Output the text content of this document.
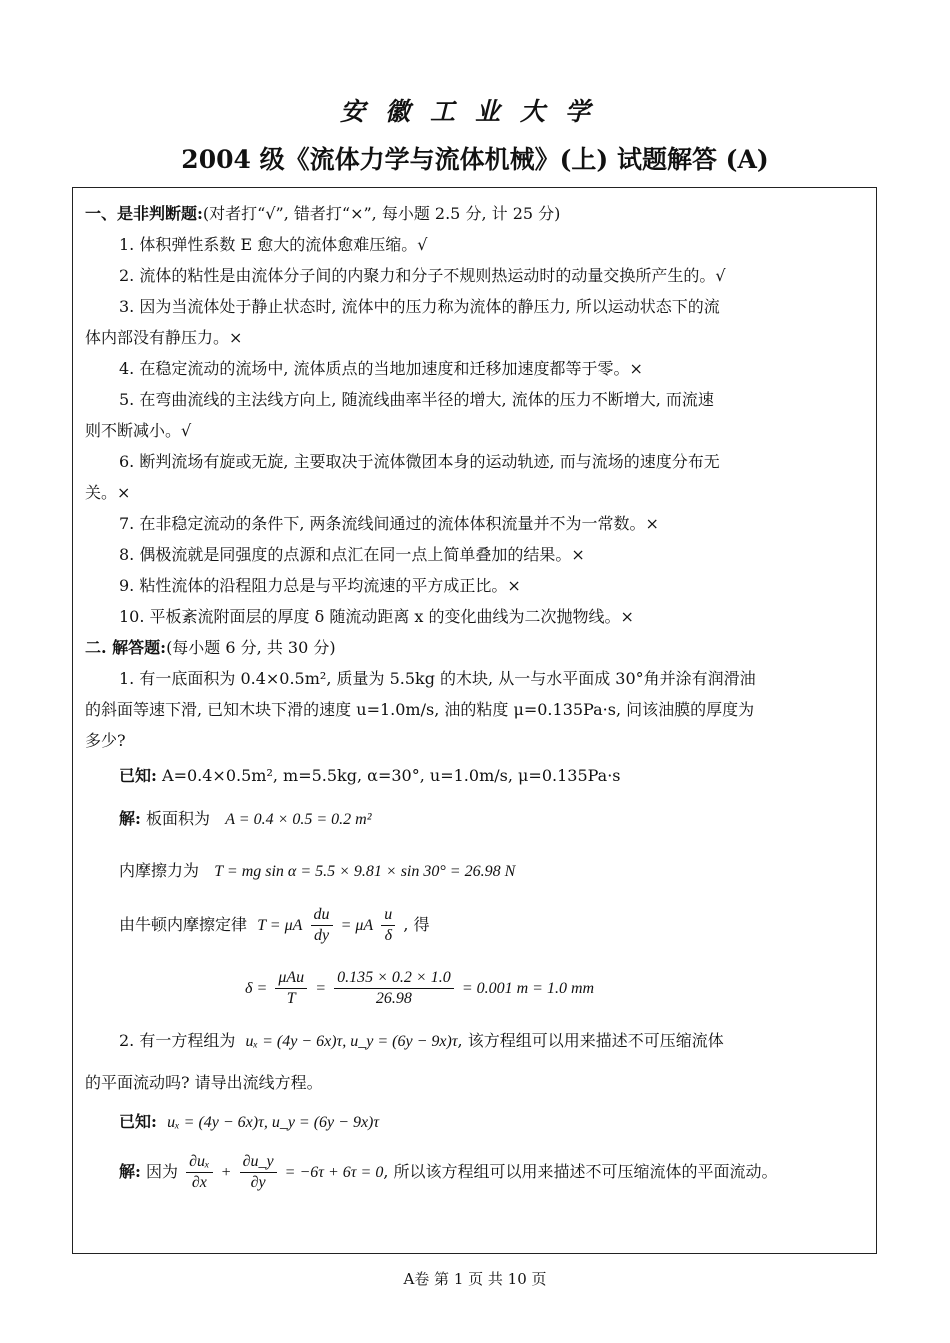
安徽工业大学
2004 级《流体力学与流体机械》(上) 试题解答 (A)
一、是非判断题:(对者打“√”, 错者打“×”, 每小题 2.5 分, 计 25 分)
1. 体积弹性系数 E 愈大的流体愈难压缩。√
2. 流体的粘性是由流体分子间的内聚力和分子不规则热运动时的动量交换所产生的。√
3. 因为当流体处于静止状态时, 流体中的压力称为流体的静压力, 所以运动状态下的流
体内部没有静压力。×
4. 在稳定流动的流场中, 流体质点的当地加速度和迁移加速度都等于零。×
5. 在弯曲流线的主法线方向上, 随流线曲率半径的增大, 流体的压力不断增大, 而流速
则不断减小。√
6. 断判流场有旋或无旋, 主要取决于流体微团本身的运动轨迹, 而与流场的速度分布无
关。×
7. 在非稳定流动的条件下, 两条流线间通过的流体体积流量并不为一常数。×
8. 偶极流就是同强度的点源和点汇在同一点上简单叠加的结果。×
9. 粘性流体的沿程阻力总是与平均流速的平方成正比。×
10. 平板紊流附面层的厚度 δ 随流动距离 x 的变化曲线为二次抛物线。×
二. 解答题:(每小题 6 分, 共 30 分)
1. 有一底面积为 0.4×0.5m², 质量为 5.5kg 的木块, 从一与水平面成 30°角并涂有润滑油
的斜面等速下滑, 已知木块下滑的速度 u=1.0m/s, 油的粘度 μ=0.135Pa·s, 问该油膜的厚度为
多少?
已知: A=0.4×0.5m², m=5.5kg, α=30°, u=1.0m/s, μ=0.135Pa·s
解: 板面积为 A = 0.4 × 0.5 = 0.2 m²
内摩擦力为 T = mg sin α = 5.5 × 9.81 × sin 30° = 26.98 N
由牛顿内摩擦定律 T = μA $\frac{du}{dy} = \mu A \frac{u}{\delta}$ , 得
δ =
μAu
T
= $\frac{0.135 \times 0.2 \times 1.0}{26.98} = 0.001$ m = 1.0 mm
2. 有一方程组为 uₓ = (4y − 6x)τ, u_y = (6y − 9x)τ, 该方程组可以用来描述不可压缩流体
的平面流动吗? 请导出流线方程。
已知: uₓ = (4y − 6x)τ, u_y = (6y − 9x)τ
解: 因为 $\frac{\text{∂uₓ}}{\partial x} + \frac{\partial u\_y}{\partial y} = -6\tau + 6\tau = 0$, 所以该方程组可以用来描述不可压缩流体的平面流动。
A卷 第 1 页 共 10 页
